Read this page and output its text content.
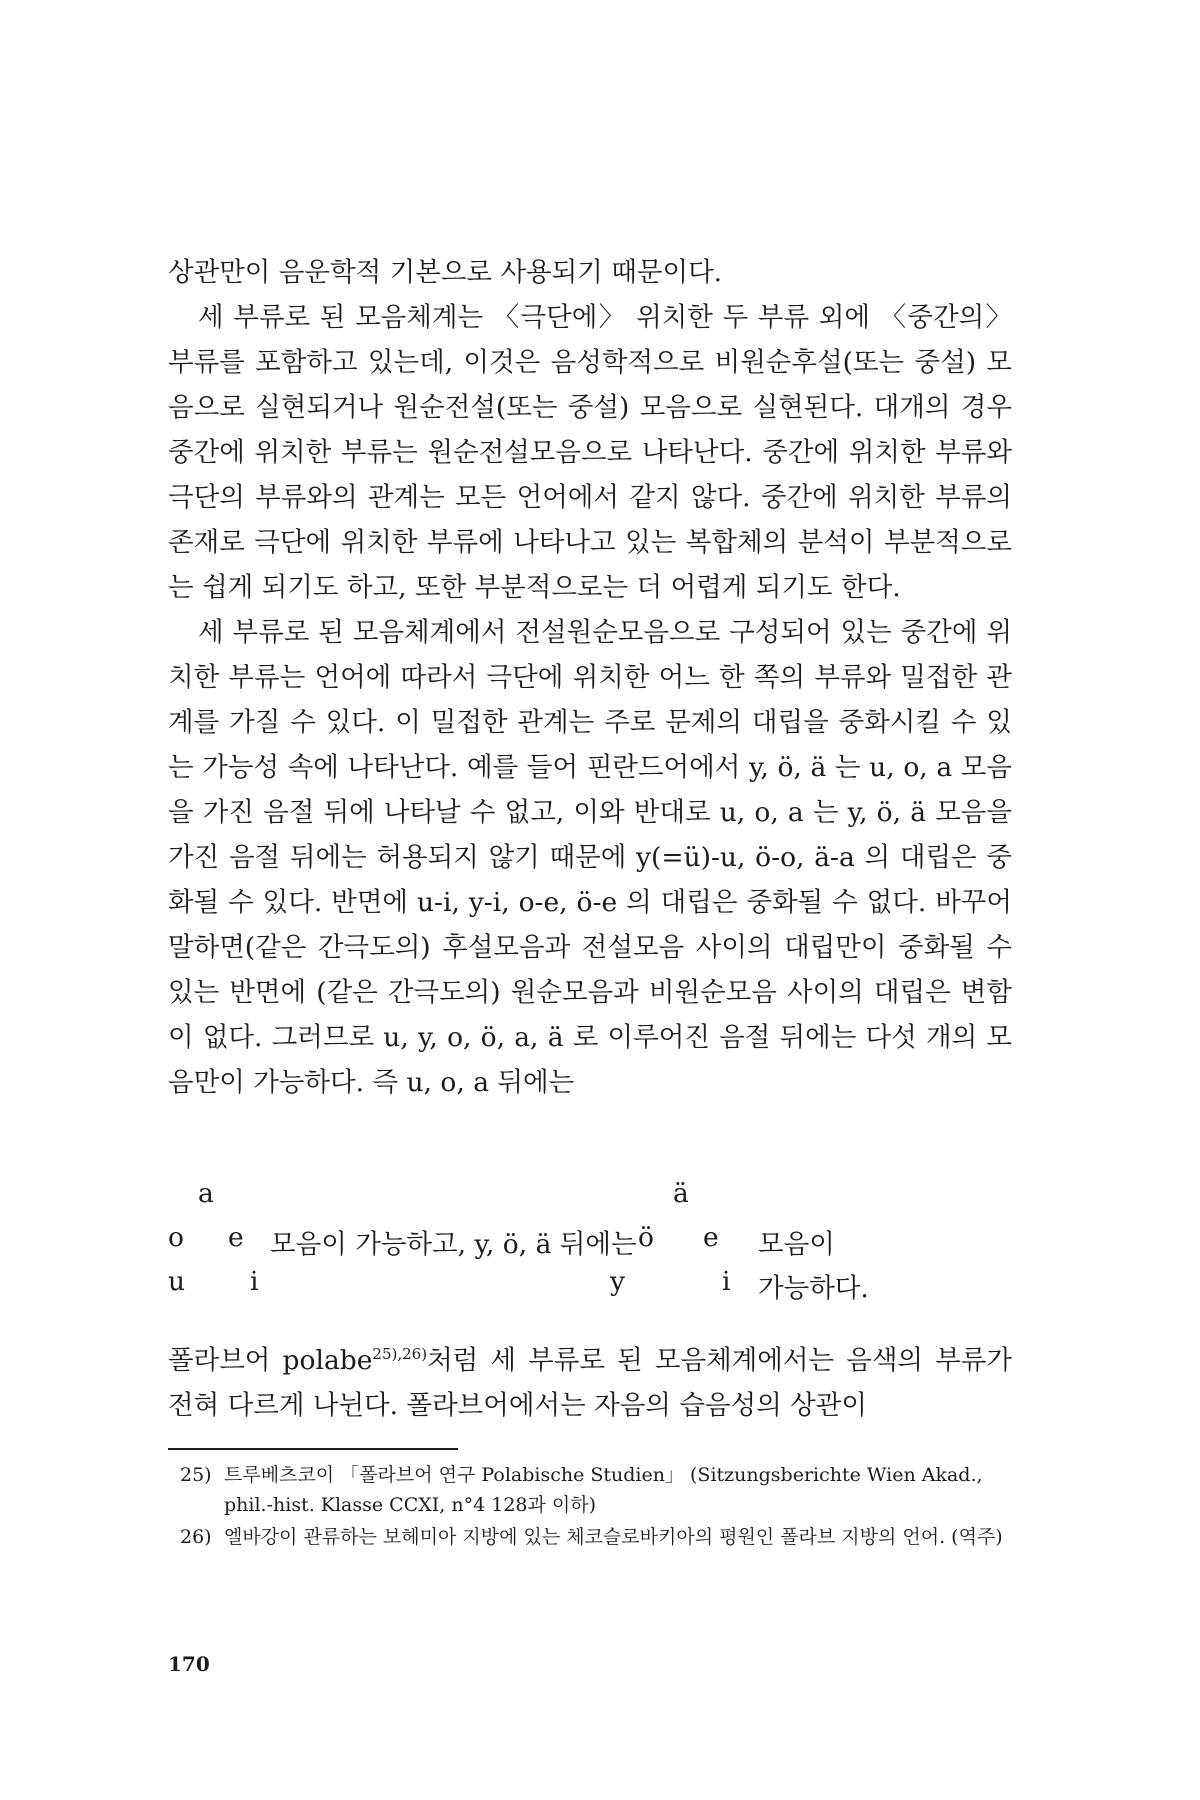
상관만이 음운학적 기본으로 사용되기 때문이다.

세 부류로 된 모음체계는 〈극단에〉 위치한 두 부류 외에 〈중간의〉 부류를 포함하고 있는데, 이것은 음성학적으로 비원순후설(또는 중설) 모음으로 실현되거나 원순전설(또는 중설) 모음으로 실현된다. 대개의 경우 중간에 위치한 부류는 원순전설모음으로 나타난다. 중간에 위치한 부류와 극단의 부류와의 관계는 모든 언어에서 같지 않다. 중간에 위치한 부류의 존재로 극단에 위치한 부류에 나타나고 있는 복합체의 분석이 부분적으로는 쉽게 되기도 하고, 또한 부분적으로는 더 어렵게 되기도 한다.

세 부류로 된 모음체계에서 전설원순모음으로 구성되어 있는 중간에 위치한 부류는 언어에 따라서 극단에 위치한 어느 한 쪽의 부류와 밀접한 관계를 가질 수 있다. 이 밀접한 관계는 주로 문제의 대립을 중화시킬 수 있는 가능성 속에 나타난다. 예를 들어 핀란드어에서 y, ö, ä 는 u, o, a 모음을 가진 음절 뒤에 나타날 수 없고, 이와 반대로 u, o, a 는 y, ö, ä 모음을 가진 음절 뒤에는 허용되지 않기 때문에 y(=ü)-u, ö-o, ä-a 의 대립은 중화될 수 있다. 반면에 u-i, y-i, o-e, ö-e 의 대립은 중화될 수 없다. 바꾸어 말하면(같은 간극도의) 후설모음과 전설모음 사이의 대립만이 중화될 수 있는 반면에 (같은 간극도의) 원순모음과 비원순모음 사이의 대립은 변함이 없다. 그러므로 u, y, o, ö, a, ä 로 이루어진 음절 뒤에는 다섯 개의 모음만이 가능하다. 즉 u, o, a 뒤에는

a
o e
u i
모음이 가능하고, y, ö, ä 뒤에는
ä
ö e
y	i
모음이
가능하다.

폴라브어 polabe$^{25),26)}$처럼 세 부류로 된 모음체계에서는 음색의 부류가 전혀 다르게 나뉜다. 폴라브어에서는 자음의 습음성의 상관이

25) 트루베츠코이 「폴라브어 연구 Polabische Studien」 (Sitzungsberichte Wien Akad., phil.-hist. Klasse CCXI, n°4 128과 이하)
26) 엘바강이 관류하는 보헤미아 지방에 있는 체코슬로바키아의 평원인 폴라브 지방의 언어. (역주)
170
